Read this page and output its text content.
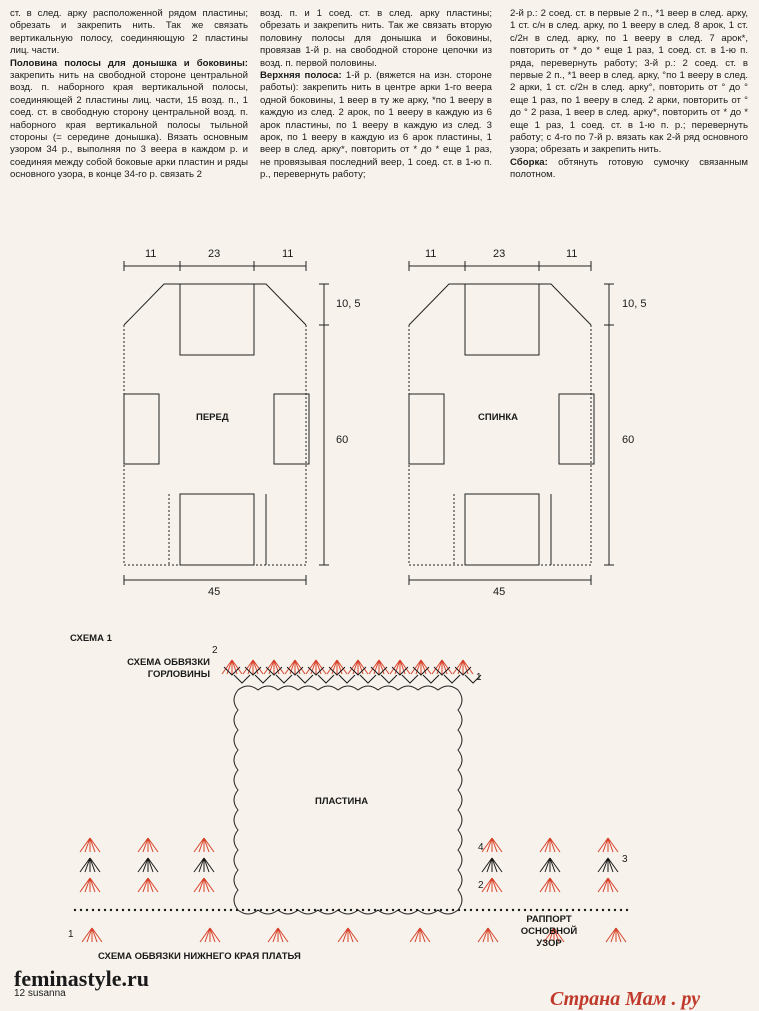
ст. в след. арку расположенной рядом пластины; обрезать и закрепить нить. Так же связать вертикальную полосу, соединяющую 2 пластины лиц. части.

Половина полосы для донышка и боковины: закрепить нить на свободной стороне центральной возд. п. наборного края вертикальной полосы, соединяющей 2 пластины лиц. части, 15 возд. п., 1 соед. ст. в свободную сторону центральной возд. п. наборного края вертикальной полосы тыльной стороны (= середине донышка). Вязать основным узором 34 р., выполняя по 3 веера в каждом р. и соединяя между собой боковые арки пластин и ряды основного узора, в конце 34-го р. связать 2

возд. п. и 1 соед. ст. в след. арку пластины; обрезать и закрепить нить. Так же связать вторую половину полосы для донышка и боковины, провязав 1-й р. на свободной стороне цепочки из возд. п. первой половины.

Верхняя полоса: 1-й р. (вяжется на изн. стороне работы): закрепить нить в центре арки 1-го веера одной боковины, 1 веер в ту же арку, *по 1 вееру в каждую из след. 2 арок, по 1 вееру в каждую из 6 арок пластины, по 1 вееру в каждую из след. 3 арок, по 1 вееру в каждую из 6 арок пластины, 1 веер в след. арку*, повторить от * до * еще 1 раз, не провязывая последний веер, 1 соед. ст. в 1-ю п. р., перевернуть работу;

2-й р.: 2 соед. ст. в первые 2 п., *1 веер в след. арку, 1 ст. с/н в след. арку, по 1 вееру в след. 8 арок, 1 ст. с/2н в след. арку, по 1 вееру в след. 7 арок*, повторить от * до * еще 1 раз, 1 соед. ст. в 1-ю п. ряда, перевернуть работу; 3-й р.: 2 соед. ст. в первые 2 п., *1 веер в след. арку, °по 1 вееру в след. 2 арки, 1 ст. с/2н в след. арку°, повторить от ° до ° еще 1 раз, по 1 вееру в след. 2 арки, повторить от ° до ° 2 раза, 1 веер в след. арку*, повторить от * до * еще 1 раз, 1 соед. ст. в 1-ю п. р.; перевернуть работу; с 4-го по 7-й р. вязать как 2-й ряд основного узора; обрезать и закрепить нить.

Сборка: обтянуть готовую сумочку связанным полотном.

11	23	11
10, 5
60
45
ПЕРЕД
11	23	11
10, 5
60
45
СПИНКА
СХЕМА 1
СХЕМА ОБВЯЗКИ
ГОРЛОВИНЫ
ПЛАСТИНА
РАППОРТ
ОСНОВНОЙ
УЗОР
СХЕМА ОБВЯЗКИ НИЖНЕГО КРАЯ ПЛАТЬЯ
2
1
1
4
2
3
feminastyle.ru
12 susanna	Страна Мам . ру
